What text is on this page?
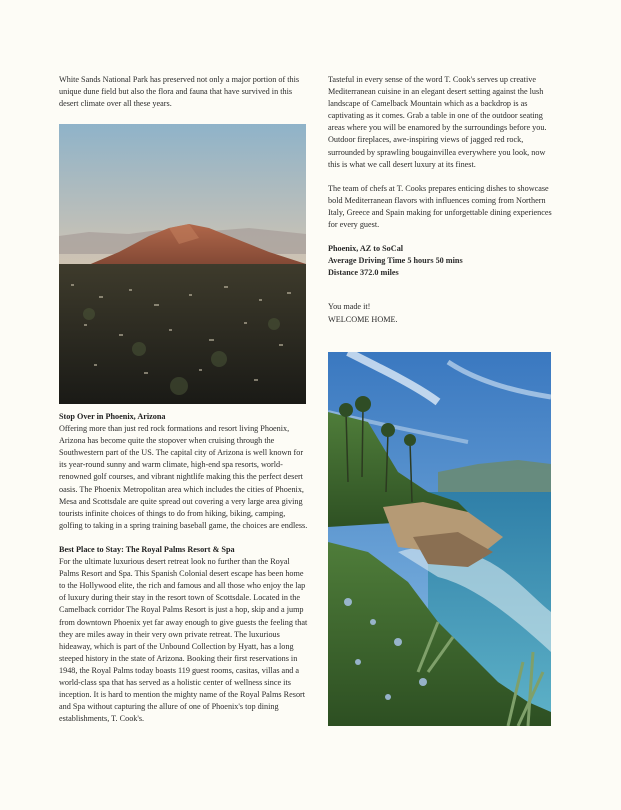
White Sands National Park has preserved not only a major portion of this unique dune field but also the flora and fauna that have survived in this desert climate over all these years.

Stop Over in Phoenix, Arizona

Offering more than just red rock formations and resort living Phoenix, Arizona has become quite the stopover when cruising through the Southwestern part of the US. The capital city of Arizona is well known for its year-round sunny and warm climate, high-end spa resorts, world-renowned golf courses, and vibrant nightlife making this the perfect desert oasis. The Phoenix Metropolitan area which includes the cities of Phoenix, Mesa and Scottsdale are quite spread out covering a very large area giving tourists infinite choices of things to do from hiking, biking, camping, golfing to taking in a spring training baseball game, the choices are endless.

Best Place to Stay: The Royal Palms Resort & Spa

For the ultimate luxurious desert retreat look no further than the Royal Palms Resort and Spa. This Spanish Colonial desert escape has been home to the Hollywood elite, the rich and famous and all those who enjoy the lap of luxury during their stay in the resort town of Scottsdale. Located in the Camelback corridor The Royal Palms Resort is just a hop, skip and a jump from downtown Phoenix yet far away enough to give guests the feeling that they are miles away in their very own private retreat. The luxurious hideaway, which is part of the Unbound Collection by Hyatt, has a long steeped history in the state of Arizona. Booking their first reservations in 1948, the Royal Palms today boasts 119 guest rooms, casitas, villas and a world-class spa that has served as a holistic center of wellness since its inception. It is hard to mention the mighty name of the Royal Palms Resort and Spa without capturing the allure of one of Phoenix's top dining establishments, T. Cook's.

Tasteful in every sense of the word T. Cook's serves up creative Mediterranean cuisine in an elegant desert setting against the lush landscape of Camelback Mountain which as a backdrop is as captivating as it comes. Grab a table in one of the outdoor seating areas where you will be enamored by the surroundings before you. Outdoor fireplaces, awe-inspiring views of jagged red rock, surrounded by sprawling bougainvillea everywhere you look, now this is what we call desert luxury at its finest.

The team of chefs at T. Cooks prepares enticing dishes to showcase bold Mediterranean flavors with influences coming from Northern Italy, Greece and Spain making for unforgettable dining experiences for every guest.

Phoenix, AZ to SoCal

Average Driving Time 5 hours 50 mins

Distance 372.0 miles

You made it!

WELCOME HOME.
